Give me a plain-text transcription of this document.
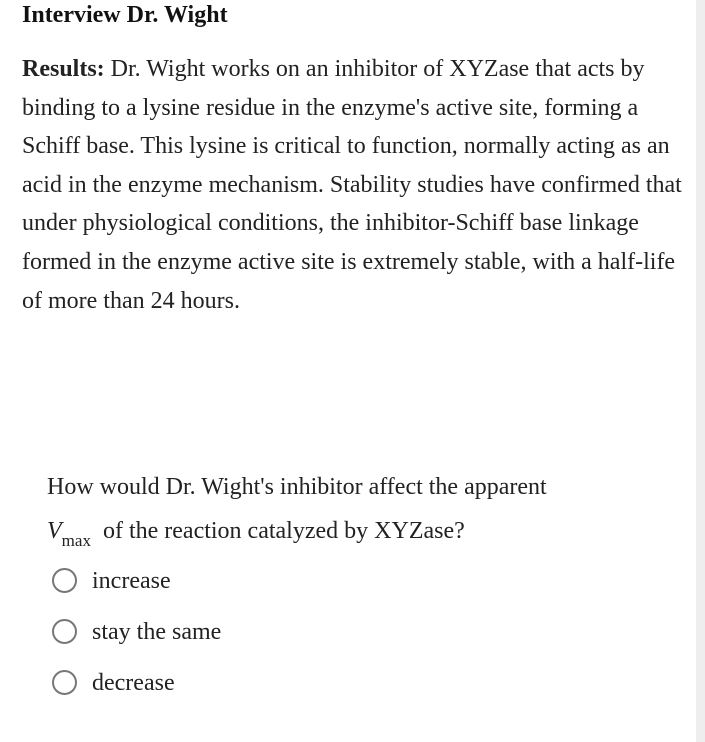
Interview Dr. Wight
Results: Dr. Wight works on an inhibitor of XYZase that acts by binding to a lysine residue in the enzyme's active site, forming a Schiff base. This lysine is critical to function, normally acting as an acid in the enzyme mechanism. Stability studies have confirmed that under physiological conditions, the inhibitor-Schiff base linkage formed in the enzyme active site is extremely stable, with a half-life of more than 24 hours.
How would Dr. Wight's inhibitor affect the apparent
$V_{max}$ of the reaction catalyzed by XYZase?
increase
stay the same
decrease
